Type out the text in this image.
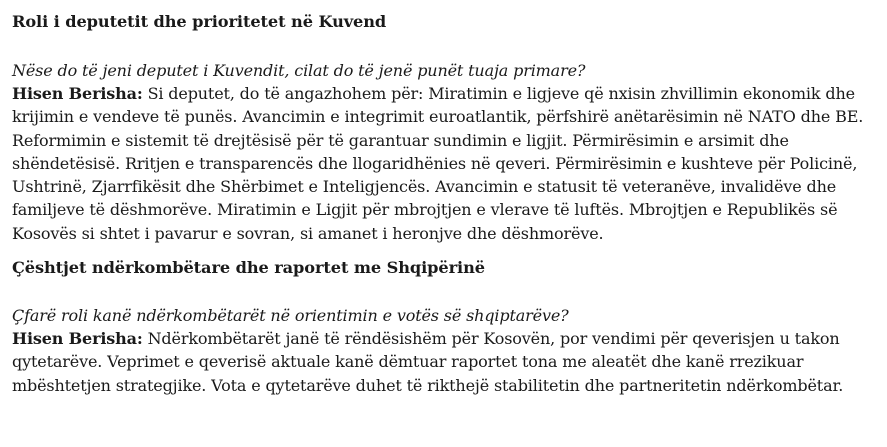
Roli i deputetit dhe prioritetet në Kuvend

Nëse do të jeni deputet i Kuvendit, cilat do të jenë punët tuaja primare?

Hisen Berisha: Si deputet, do të angazhohem për: Miratimin e ligjeve që nxisin zhvillimin ekonomik dhe krijimin e vendeve të punës. Avancimin e integrimit euroatlantik, përfshirë anëtarësimin në NATO dhe BE. Reformimin e sistemit të drejtësisë për të garantuar sundimin e ligjit. Përmirësimin e arsimit dhe shëndetësisë. Rritjen e transparencës dhe llogaridhënies në qeveri. Përmirësimin e kushteve për Policinë, Ushtrinë, Zjarrfikësit dhe Shërbimet e Inteligjencës. Avancimin e statusit të veteranëve, invalidëve dhe familjeve të dëshmorëve. Miratimin e Ligjit për mbrojtjen e vlerave të luftës. Mbrojtjen e Republikës së Kosovës si shtet i pavarur e sovran, si amanet i heronjve dhe dëshmorëve.

Çështjet ndërkombëtare dhe raportet me Shqipërinë

Çfarë roli kanë ndërkombëtarët në orientimin e votës së shqiptarëve?

Hisen Berisha: Ndërkombëtarët janë të rëndësishëm për Kosovën, por vendimi për qeverisjen u takon qytetarëve. Veprimet e qeverisë aktuale kanë dëmtuar raportet tona me aleatët dhe kanë rrezikuar mbështetjen strategjike. Vota e qytetarëve duhet të rikthejë stabilitetin dhe partneritetin ndërkombëtar.
